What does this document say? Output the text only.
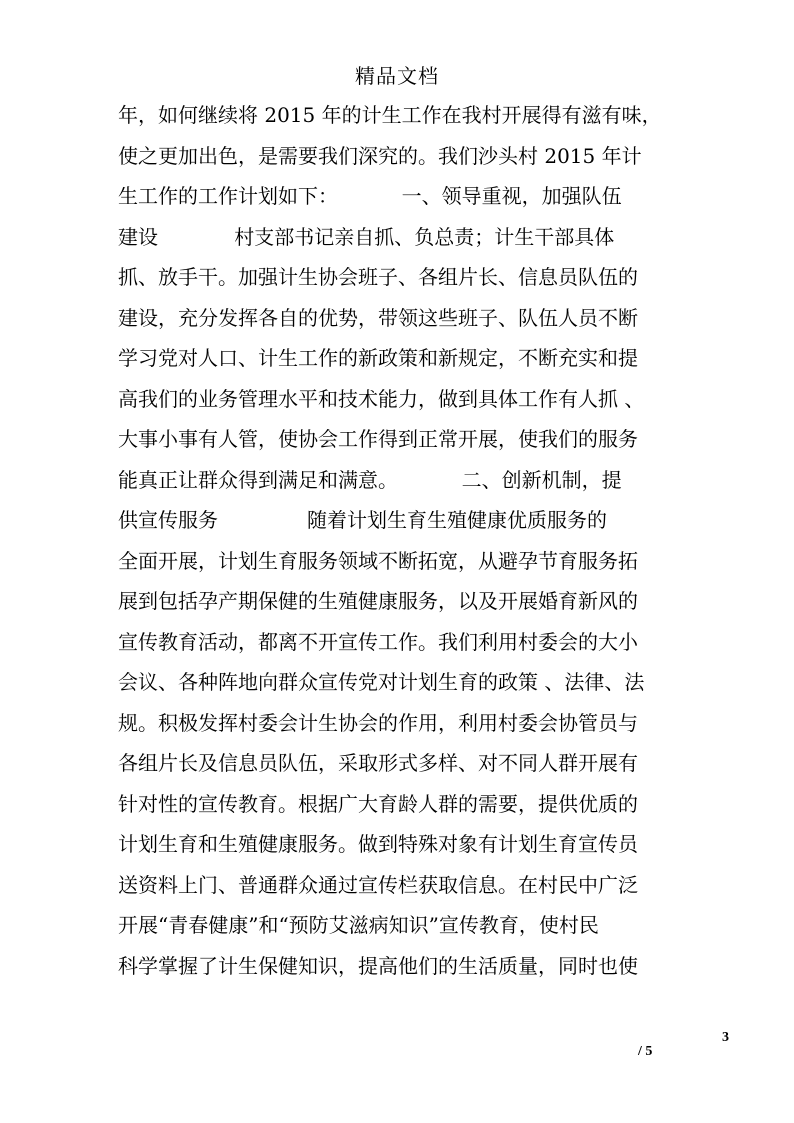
精品文档
年，如何继续将 2015 年的计生工作在我村开展得有滋有味，
使之更加出色，是需要我们深究的。我们沙头村 2015 年计
生工作的工作计划如下：          一、领导重视，加强队伍
建设            村支部书记亲自抓、负总责；计生干部具体
抓、放手干。加强计生协会班子、各组片长、信息员队伍的
建设，充分发挥各自的优势，带领这些班子、队伍人员不断
学习党对人口、计生工作的新政策和新规定，不断充实和提
高我们的业务管理水平和技术能力，做到具体工作有人抓 、
大事小事有人管，使协会工作得到正常开展，使我们的服务
能真正让群众得到满足和满意。          二、创新机制，提
供宣传服务              随着计划生育生殖健康优质服务的
全面开展，计划生育服务领域不断拓宽，从避孕节育服务拓
展到包括孕产期保健的生殖健康服务，以及开展婚育新风的
宣传教育活动，都离不开宣传工作。我们利用村委会的大小
会议、各种阵地向群众宣传党对计划生育的政策 、法律、法
规。积极发挥村委会计生协会的作用，利用村委会协管员与
各组片长及信息员队伍，采取形式多样、对不同人群开展有
针对性的宣传教育。根据广大育龄人群的需要，提供优质的
计划生育和生殖健康服务。做到特殊对象有计划生育宣传员
送资料上门、普通群众通过宣传栏获取信息。在村民中广泛
开展“青春健康”和“预防艾滋病知识”宣传教育，使村民
科学掌握了计生保健知识，提高他们的生活质量，同时也使
3
/ 5
